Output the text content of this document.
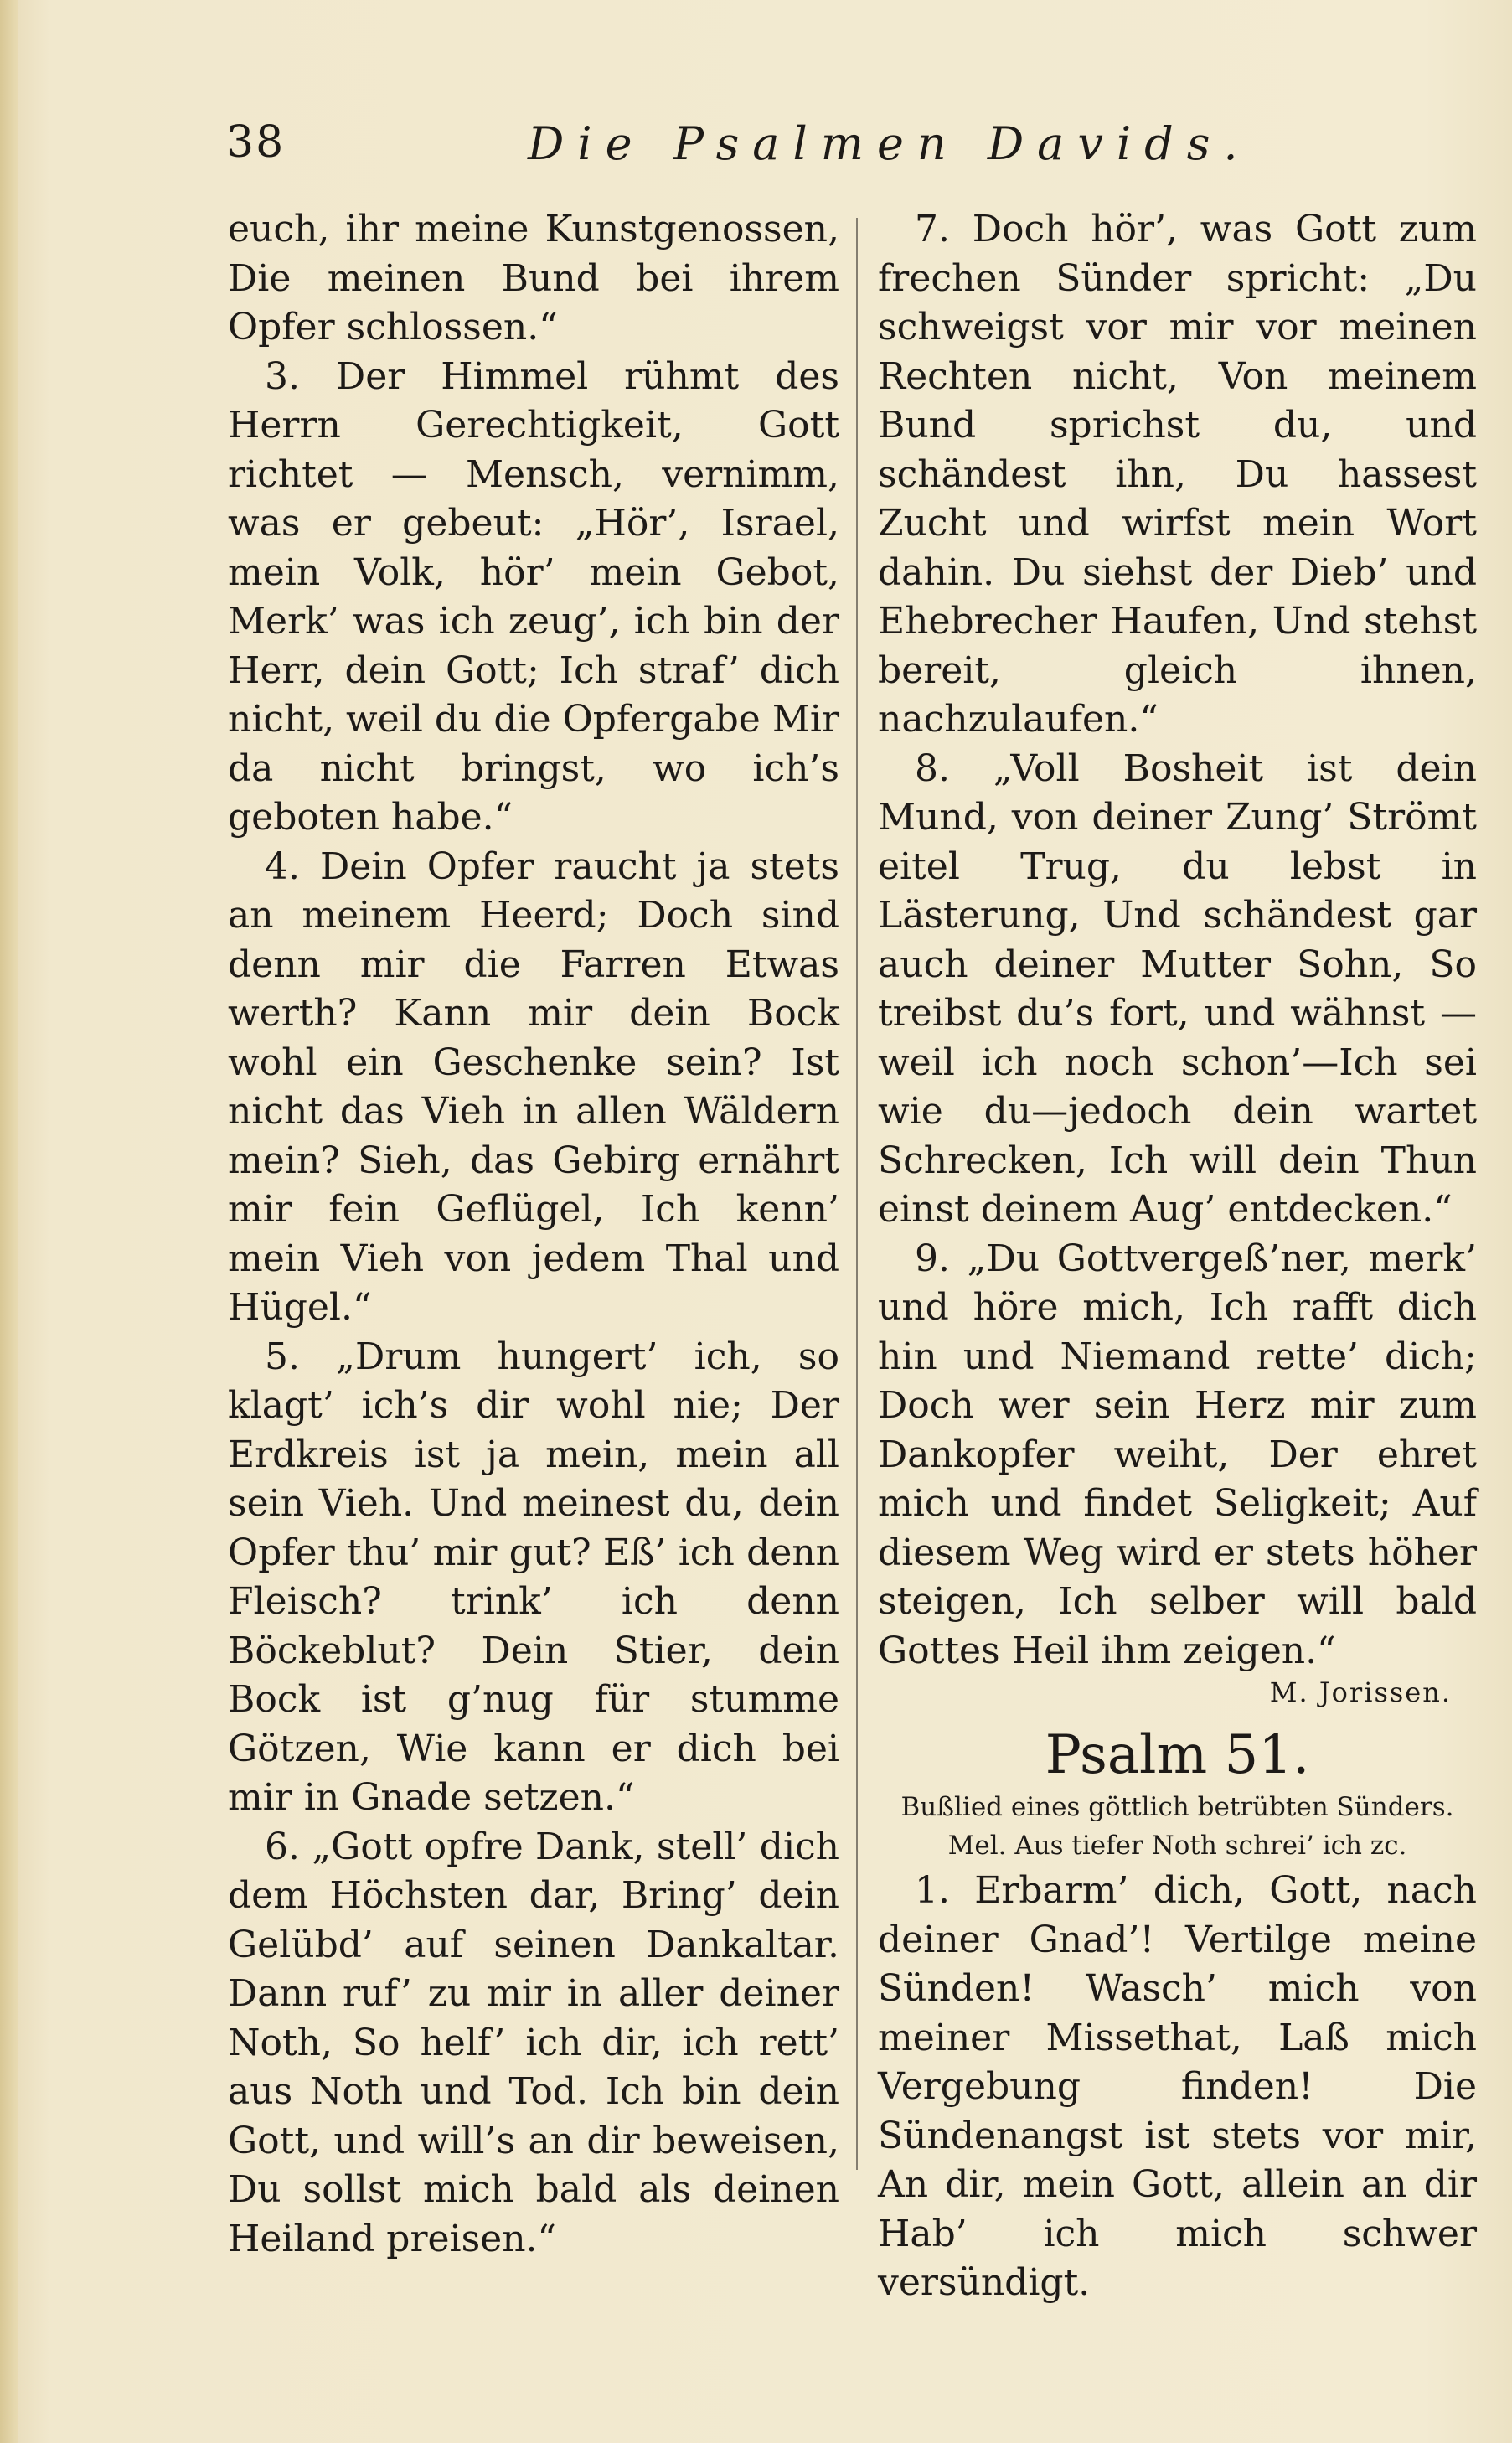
38	Die Psalmen Davids.

euch, ihr meine Kunstgenossen, Die meinen Bund bei ihrem Opfer schlossen.“

3. Der Himmel rühmt des Herrn Gerechtigkeit, Gott richtet — Mensch, vernimm, was er gebeut: „Hör’, Israel, mein Volk, hör’ mein Gebot, Merk’ was ich zeug’, ich bin der Herr, dein Gott; Ich straf’ dich nicht, weil du die Opfergabe Mir da nicht bringst, wo ich’s geboten habe.“

4. Dein Opfer raucht ja stets an meinem Heerd; Doch sind denn mir die Farren Etwas werth? Kann mir dein Bock wohl ein Geschenke sein? Ist nicht das Vieh in allen Wäldern mein? Sieh, das Gebirg ernährt mir fein Geflügel, Ich kenn’ mein Vieh von jedem Thal und Hügel.“

5. „Drum hungert’ ich, so klagt’ ich’s dir wohl nie; Der Erdkreis ist ja mein, mein all sein Vieh. Und meinest du, dein Opfer thu’ mir gut? Eß’ ich denn Fleisch? trink’ ich denn Böckeblut? Dein Stier, dein Bock ist g’nug für stumme Götzen, Wie kann er dich bei mir in Gnade setzen.“

6. „Gott opfre Dank, stell’ dich dem Höchsten dar, Bring’ dein Gelübd’ auf seinen Dankaltar. Dann ruf’ zu mir in aller deiner Noth, So helf’ ich dir, ich rett’ aus Noth und Tod. Ich bin dein Gott, und will’s an dir beweisen, Du sollst mich bald als deinen Heiland preisen.“

7. Doch hör’, was Gott zum frechen Sünder spricht: „Du schweigst vor mir vor meinen Rechten nicht, Von meinem Bund sprichst du, und schändest ihn, Du hassest Zucht und wirfst mein Wort dahin. Du siehst der Dieb’ und Ehebrecher Haufen, Und stehst bereit, gleich ihnen, nachzulaufen.“

8. „Voll Bosheit ist dein Mund, von deiner Zung’ Strömt eitel Trug, du lebst in Lästerung, Und schändest gar auch deiner Mutter Sohn, So treibst du’s fort, und wähnst — weil ich noch schon’—Ich sei wie du—jedoch dein wartet Schrecken, Ich will dein Thun einst deinem Aug’ entdecken.“

9. „Du Gottvergeß’ner, merk’ und höre mich, Ich rafft dich hin und Niemand rette’ dich; Doch wer sein Herz mir zum Dankopfer weiht, Der ehret mich und findet Seligkeit; Auf diesem Weg wird er stets höher steigen, Ich selber will bald Gottes Heil ihm zeigen.“

M. Jorissen.
Psalm 51.
Bußlied eines göttlich betrübten Sünders.
Mel. Aus tiefer Noth schrei’ ich zc.

1. Erbarm’ dich, Gott, nach deiner Gnad’! Vertilge meine Sünden! Wasch’ mich von meiner Missethat, Laß mich Vergebung finden! Die Sündenangst ist stets vor mir, An dir, mein Gott, allein an dir Hab’ ich mich schwer versündigt.
